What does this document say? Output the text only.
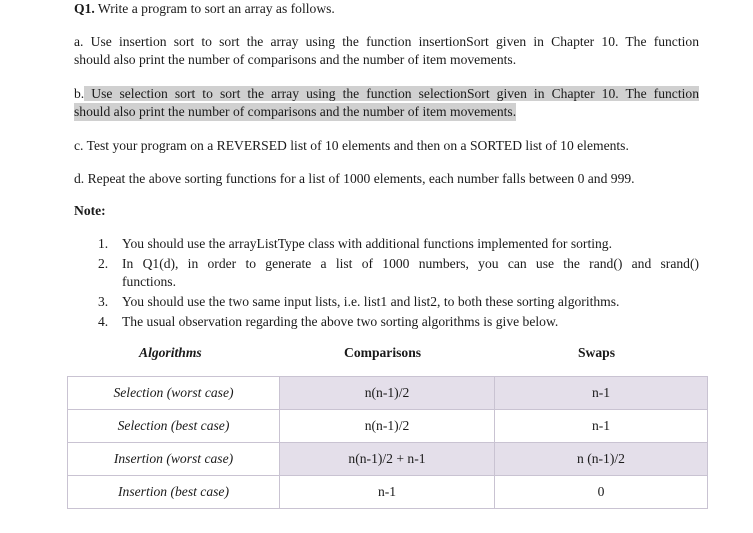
Q1. Write a program to sort an array as follows.
a. Use insertion sort to sort the array using the function insertionSort given in Chapter 10. The function
should also print the number of comparisons and the number of item movements.
b. Use selection sort to sort the array using the function selectionSort given in Chapter 10. The function
should also print the number of comparisons and the number of item movements.
c. Test your program on a REVERSED list of 10 elements and then on a SORTED list of 10 elements.
d. Repeat the above sorting functions for a list of 1000 elements, each number falls between 0 and 999.
Note:
1. You should use the arrayListType class with additional functions implemented for sorting.
2. In Q1(d), in order to generate a list of 1000 numbers, you can use the rand() and srand()
functions.
3. You should use the two same input lists, i.e. list1 and list2, to both these sorting algorithms.
4. The usual observation regarding the above two sorting algorithms is give below.
Algorithms	Comparisons	Swaps
Selection (worst case)	n(n-1)/2	n-1
Selection (best case)	n(n-1)/2	n-1
Insertion (worst case)	n(n-1)/2 + n-1	n (n-1)/2
Insertion (best case)	n-1	0
